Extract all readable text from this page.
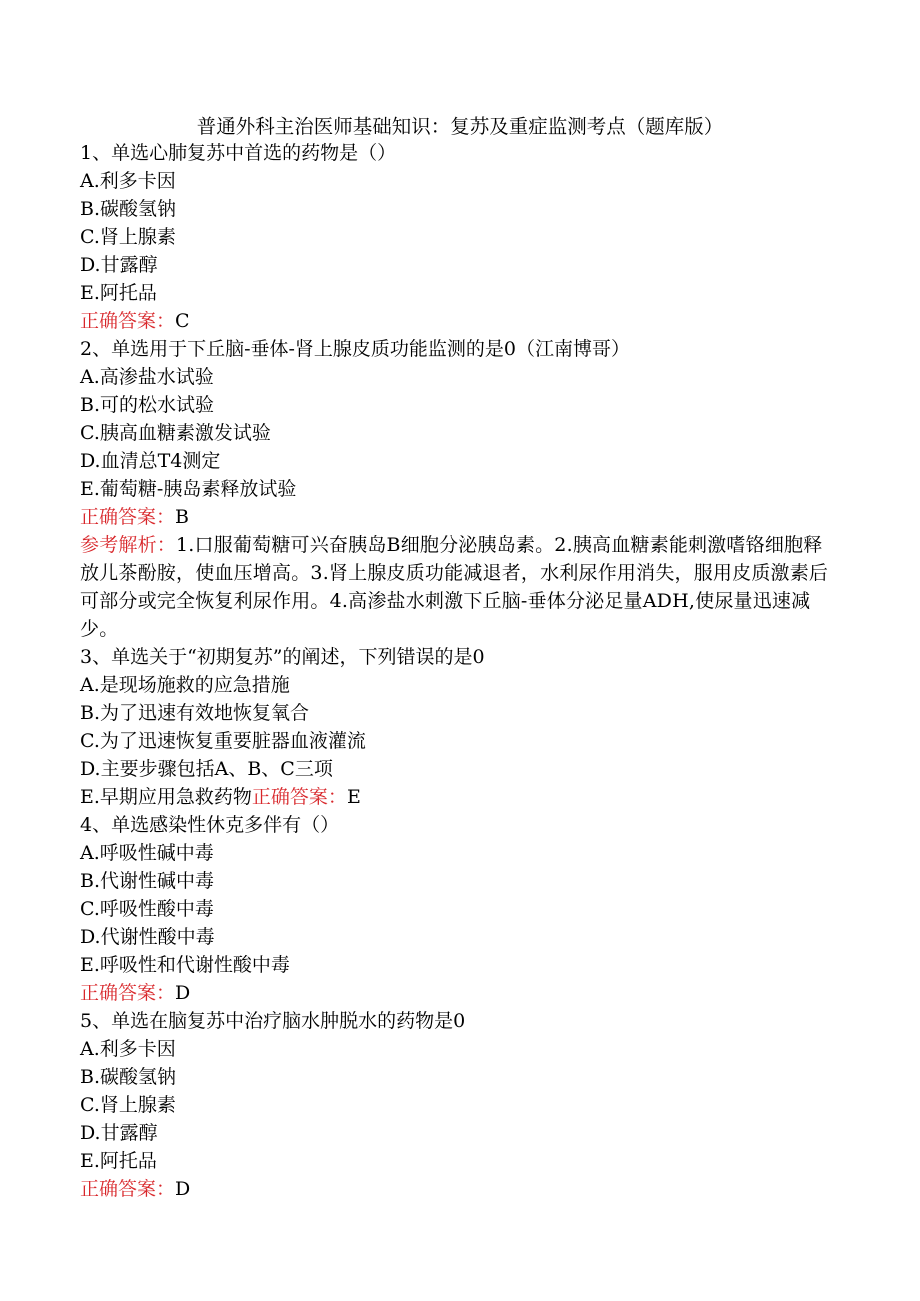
普通外科主治医师基础知识：复苏及重症监测考点（题库版）
1、单选心肺复苏中首选的药物是（）
A.利多卡因
B.碳酸氢钠
C.肾上腺素
D.甘露醇
E.阿托品
正确答案：C
2、单选用于下丘脑-垂体-肾上腺皮质功能监测的是0（江南博哥）
A.高渗盐水试验
B.可的松水试验
C.胰高血糖素激发试验
D.血清总T4测定
E.葡萄糖-胰岛素释放试验
正确答案：B
参考解析：1.口服葡萄糖可兴奋胰岛B细胞分泌胰岛素。2.胰高血糖素能刺激嗜铬细胞释放儿茶酚胺，使血压增高。3.肾上腺皮质功能减退者，水利尿作用消失，服用皮质激素后可部分或完全恢复利尿作用。4.高渗盐水刺激下丘脑-垂体分泌足量ADH,使尿量迅速减少。
3、单选关于“初期复苏”的阐述，下列错误的是0
A.是现场施救的应急措施
B.为了迅速有效地恢复氧合
C.为了迅速恢复重要脏器血液灌流
D.主要步骤包括A、B、C三项
E.早期应用急救药物正确答案：E
4、单选感染性休克多伴有（）
A.呼吸性碱中毒
B.代谢性碱中毒
C.呼吸性酸中毒
D.代谢性酸中毒
E.呼吸性和代谢性酸中毒
正确答案：D
5、单选在脑复苏中治疗脑水肿脱水的药物是0
A.利多卡因
B.碳酸氢钠
C.肾上腺素
D.甘露醇
E.阿托品
正确答案：D
